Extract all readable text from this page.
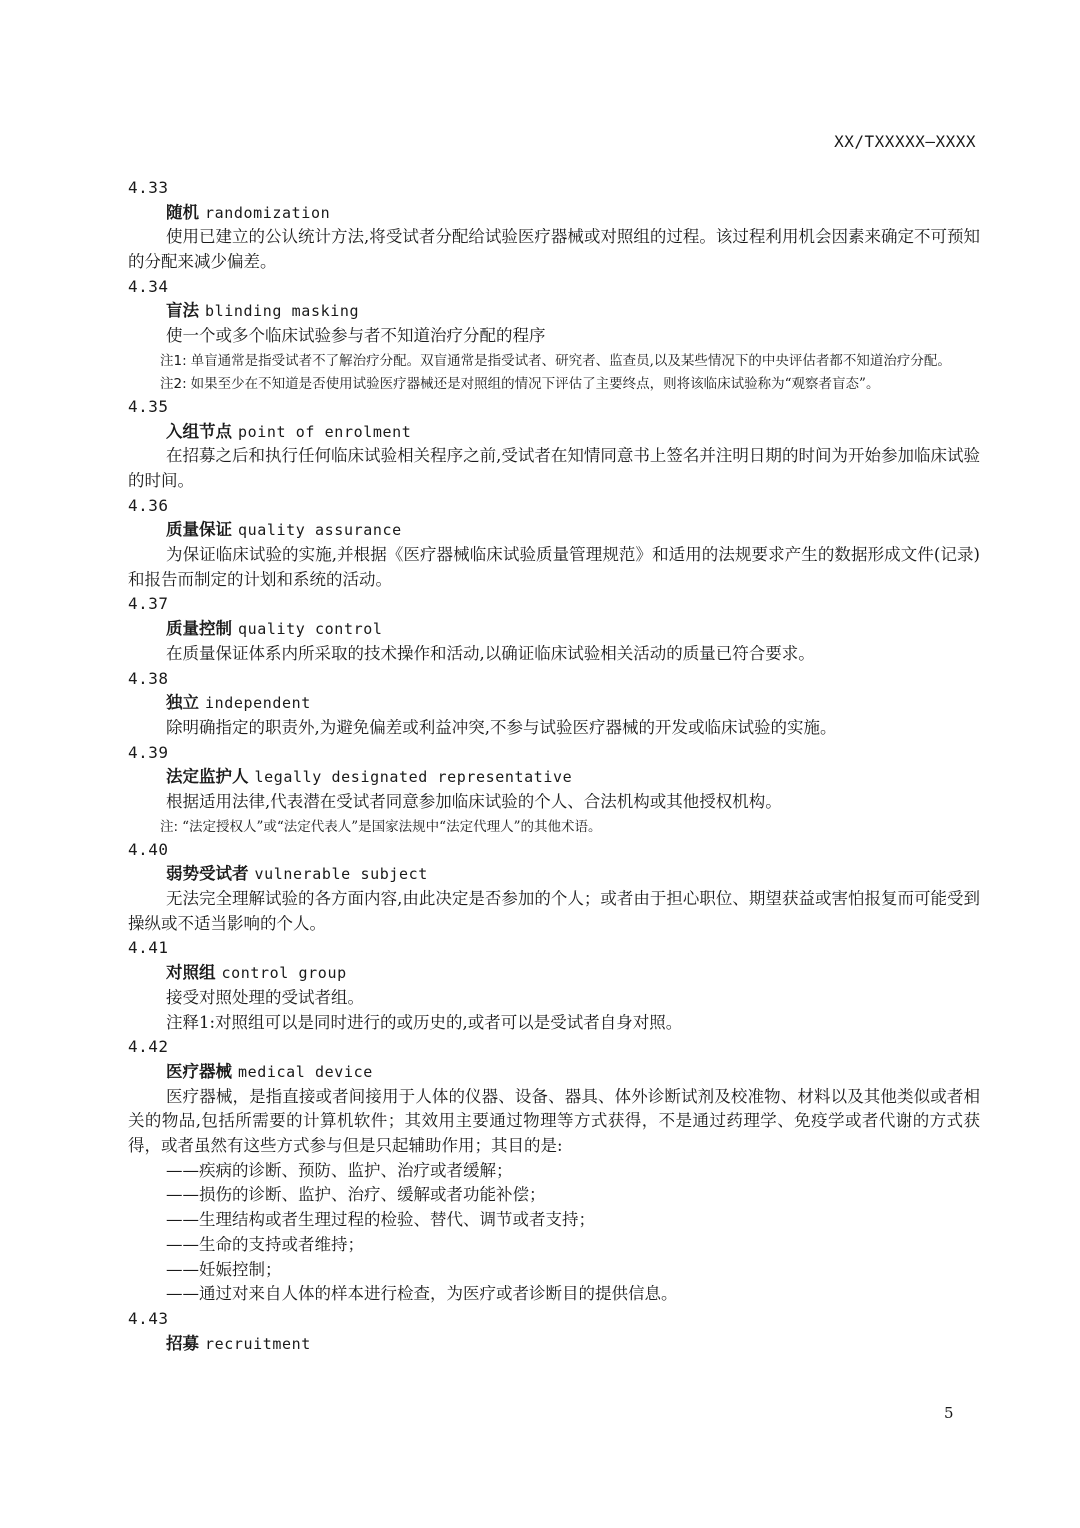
XX/TXXXXX—XXXX
4.33
随机 randomization
使用已建立的公认统计方法,将受试者分配给试验医疗器械或对照组的过程。该过程利用机会因素来确定不可预知的分配来减少偏差。
4.34
盲法 blinding masking
使一个或多个临床试验参与者不知道治疗分配的程序
注1: 单盲通常是指受试者不了解治疗分配。双盲通常是指受试者、研究者、监查员,以及某些情况下的中央评估者都不知道治疗分配。
注2: 如果至少在不知道是否使用试验医疗器械还是对照组的情况下评估了主要终点，则将该临床试验称为“观察者盲态”。
4.35
入组节点 point of enrolment
在招募之后和执行任何临床试验相关程序之前,受试者在知情同意书上签名并注明日期的时间为开始参加临床试验的时间。
4.36
质量保证 quality assurance
为保证临床试验的实施,并根据《医疗器械临床试验质量管理规范》和适用的法规要求产生的数据形成文件(记录)和报告而制定的计划和系统的活动。
4.37
质量控制 quality control
在质量保证体系内所采取的技术操作和活动,以确证临床试验相关活动的质量已符合要求。
4.38
独立 independent
除明确指定的职责外,为避免偏差或利益冲突,不参与试验医疗器械的开发或临床试验的实施。
4.39
法定监护人 legally designated representative
根据适用法律,代表潜在受试者同意参加临床试验的个人、合法机构或其他授权机构。
注: “法定授权人”或“法定代表人”是国家法规中“法定代理人”的其他术语。
4.40
弱势受试者 vulnerable subject
无法完全理解试验的各方面内容,由此决定是否参加的个人；或者由于担心职位、期望获益或害怕报复而可能受到操纵或不适当影响的个人。
4.41
对照组 control group
接受对照处理的受试者组。
注释1:对照组可以是同时进行的或历史的,或者可以是受试者自身对照。
4.42
医疗器械 medical device
医疗器械，是指直接或者间接用于人体的仪器、设备、器具、体外诊断试剂及校准物、材料以及其他类似或者相关的物品,包括所需要的计算机软件；其效用主要通过物理等方式获得，不是通过药理学、免疫学或者代谢的方式获得，或者虽然有这些方式参与但是只起辅助作用；其目的是:
—— 疾病的诊断、预防、监护、治疗或者缓解；
—— 损伤的诊断、监护、治疗、缓解或者功能补偿；
—— 生理结构或者生理过程的检验、替代、调节或者支持；
—— 生命的支持或者维持；
—— 妊娠控制；
—— 通过对来自人体的样本进行检查，为医疗或者诊断目的提供信息。
4.43
招募 recruitment
5
